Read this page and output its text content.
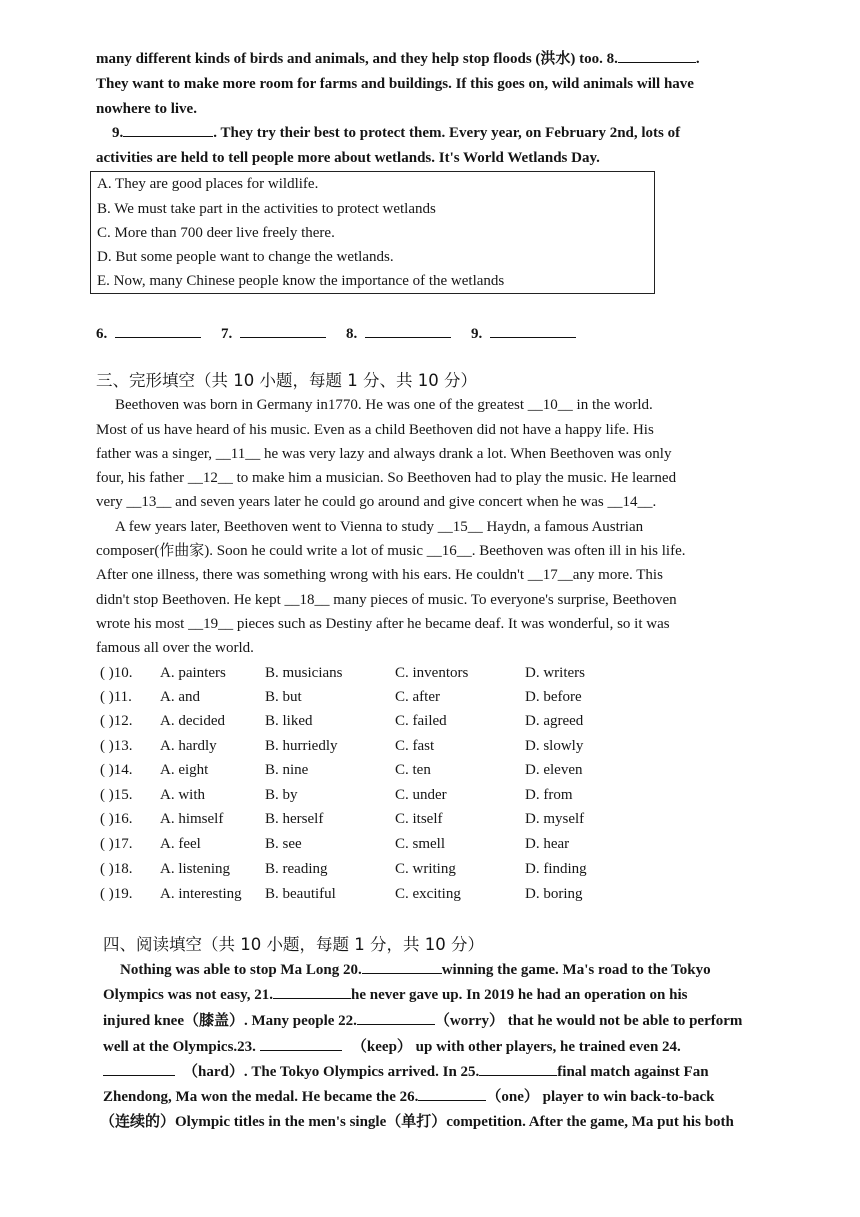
many different kinds of birds and animals, and they help stop floods (洪水) too. 8.	.
They want to make more room for farms and buildings. If this goes on, wild animals will have
nowhere to live.
9.	. They try their best to protect them. Every year, on February 2nd, lots of
activities are held to tell people more about wetlands. It's World Wetlands Day.
A. They are good places for wildlife.
B. We must take part in the activities to protect wetlands
C. More than 700 deer live freely there.
D. But some people want to change the wetlands.
E. Now, many Chinese people know the importance of the wetlands
6.	7.	8.	9.
三、完形填空（共 10 小题，每题 1 分、共 10 分）
Beethoven was born in Germany in1770. He was one of the greatest __10__ in the world.
Most of us have heard of his music. Even as a child Beethoven did not have a happy life. His
father was a singer, __11__ he was very lazy and always drank a lot. When Beethoven was only
four, his father __12__ to make him a musician. So Beethoven had to play the music. He learned
very __13__ and seven years later he could go around and give concert when he was __14__.
A few years later, Beethoven went to Vienna to study __15__ Haydn, a famous Austrian
composer(作曲家). Soon he could write a lot of music __16__. Beethoven was often ill in his life.
After one illness, there was something wrong with his ears. He couldn't __17__any more. This
didn't stop Beethoven. He kept __18__ many pieces of music. To everyone's surprise, Beethoven
wrote his most __19__ pieces such as Destiny after he became deaf. It was wonderful, so it was
famous all over the world.
( )10. A. painters	B. musicians	C. inventors	D. writers
( )11. A. and	B. but	C. after	D. before
( )12. A. decided	B. liked	C. failed	D. agreed
( )13. A. hardly	B. hurriedly	C. fast	D. slowly
( )14. A. eight	B. nine	C. ten	D. eleven
( )15. A. with	B. by	C. under	D. from
( )16. A. himself	B. herself	C. itself	D. myself
( )17. A. feel	B. see	C. smell	D. hear
( )18. A. listening B. reading	C. writing	D. finding
( )19. A. interesting B. beautiful	C. exciting	D. boring
四、阅读填空（共 10 小题，每题 1 分，共 10 分）
Nothing was able to stop Ma Long 20.	winning the game. Ma's road to the Tokyo
Olympics was not easy, 21.	he never gave up. In 2019 he had an operation on his
injured knee（膝盖）. Many people 22.	（worry） that he would not be able to perform
well at the Olympics.23.	（keep） up with other players, he trained even 24.
（hard）. The Tokyo Olympics arrived. In 25.	final match against Fan
Zhendong, Ma won the medal. He became the 26.	（one） player to win back-to-back
（连续的）Olympic titles in the men's single（单打）competition. After the game, Ma put his both
